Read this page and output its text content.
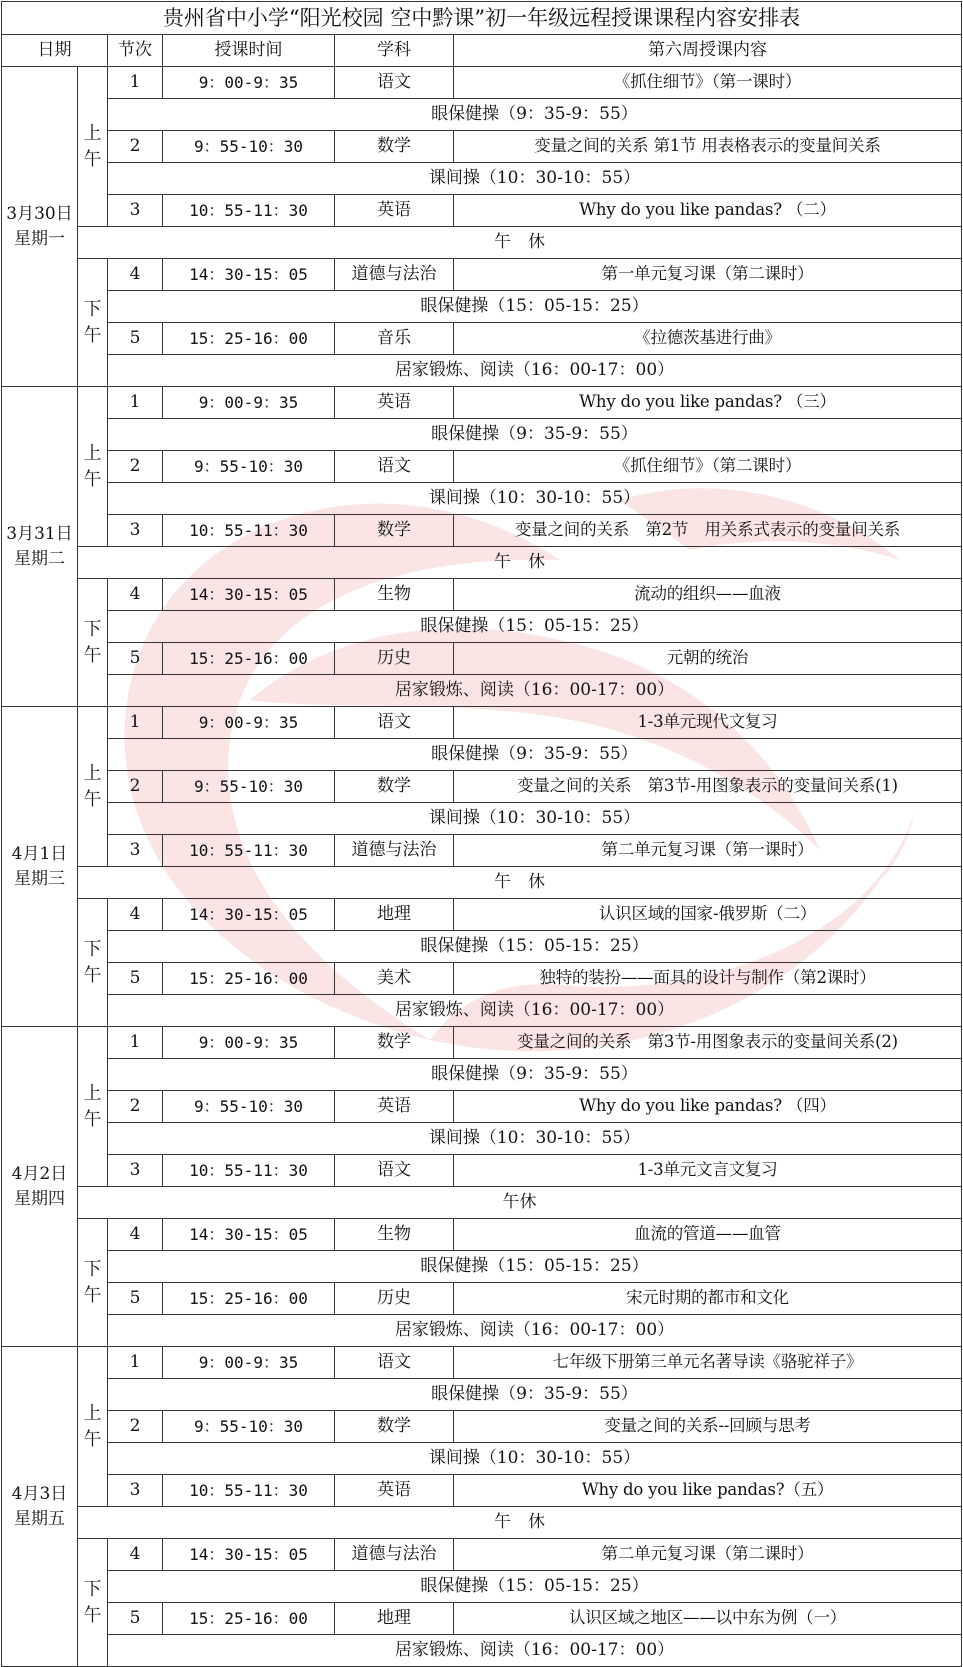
贵州省中小学“阳光校园 空中黔课”初一年级远程授课课程内容安排表					
日期		节次	授课时间	学科	第六周授课内容
3月30日
星期一	上午	1	9：00-9：35	语文	《抓住细节》（第一课时）
		眼保健操（9：35-9：55）			
		2	9：55-10：30	数学	变量之间的关系 第1节 用表格表示的变量间关系
		课间操（10：30-10：55）			
		3	10：55-11：30	英语	Why do you like pandas? （二）
	午　休				
	下午	4	14：30-15：05	道德与法治	第一单元复习课（第二课时）
		眼保健操（15：05-15：25）			
		5	15：25-16：00	音乐	《拉德茨基进行曲》
		居家锻炼、阅读（16：00-17：00）			
3月31日
星期二	上午	1	9：00-9：35	英语	Why do you like pandas? （三）
		眼保健操（9：35-9：55）			
		2	9：55-10：30	语文	《抓住细节》（第二课时）
		课间操（10：30-10：55）			
		3	10：55-11：30	数学	变量之间的关系　第2节　用关系式表示的变量间关系
	午　休				
	下午	4	14：30-15：05	生物	流动的组织——血液
		眼保健操（15：05-15：25）			
		5	15：25-16：00	历史	元朝的统治
		居家锻炼、阅读（16：00-17：00）			
4月1日
星期三	上午	1	9：00-9：35	语文	1-3单元现代文复习
		眼保健操（9：35-9：55）			
		2	9：55-10：30	数学	变量之间的关系　第3节-用图象表示的变量间关系(1)
		课间操（10：30-10：55）			
		3	10：55-11：30	道德与法治	第二单元复习课（第一课时）
	午　休				
	下午	4	14：30-15：05	地理	认识区域的国家-俄罗斯（二）
		眼保健操（15：05-15：25）			
		5	15：25-16：00	美术	独特的装扮——面具的设计与制作（第2课时）
		居家锻炼、阅读（16：00-17：00）			
4月2日
星期四	上午	1	9：00-9：35	数学	变量之间的关系　第3节-用图象表示的变量间关系(2)
		眼保健操（9：35-9：55）			
		2	9：55-10：30	英语	Why do you like pandas? （四）
		课间操（10：30-10：55）			
		3	10：55-11：30	语文	1-3单元文言文复习
	午休				
	下午	4	14：30-15：05	生物	血流的管道——血管
		眼保健操（15：05-15：25）			
		5	15：25-16：00	历史	宋元时期的都市和文化
		居家锻炼、阅读（16：00-17：00）			
4月3日
星期五	上午	1	9：00-9：35	语文	七年级下册第三单元名著导读《骆驼祥子》
		眼保健操（9：35-9：55）			
		2	9：55-10：30	数学	变量之间的关系--回顾与思考
		课间操（10：30-10：55）			
		3	10：55-11：30	英语	Why do you like pandas?（五）
	午　休				
	下午	4	14：30-15：05	道德与法治	第二单元复习课（第二课时）
		眼保健操（15：05-15：25）			
		5	15：25-16：00	地理	认识区域之地区——以中东为例（一）
		居家锻炼、阅读（16：00-17：00）			
